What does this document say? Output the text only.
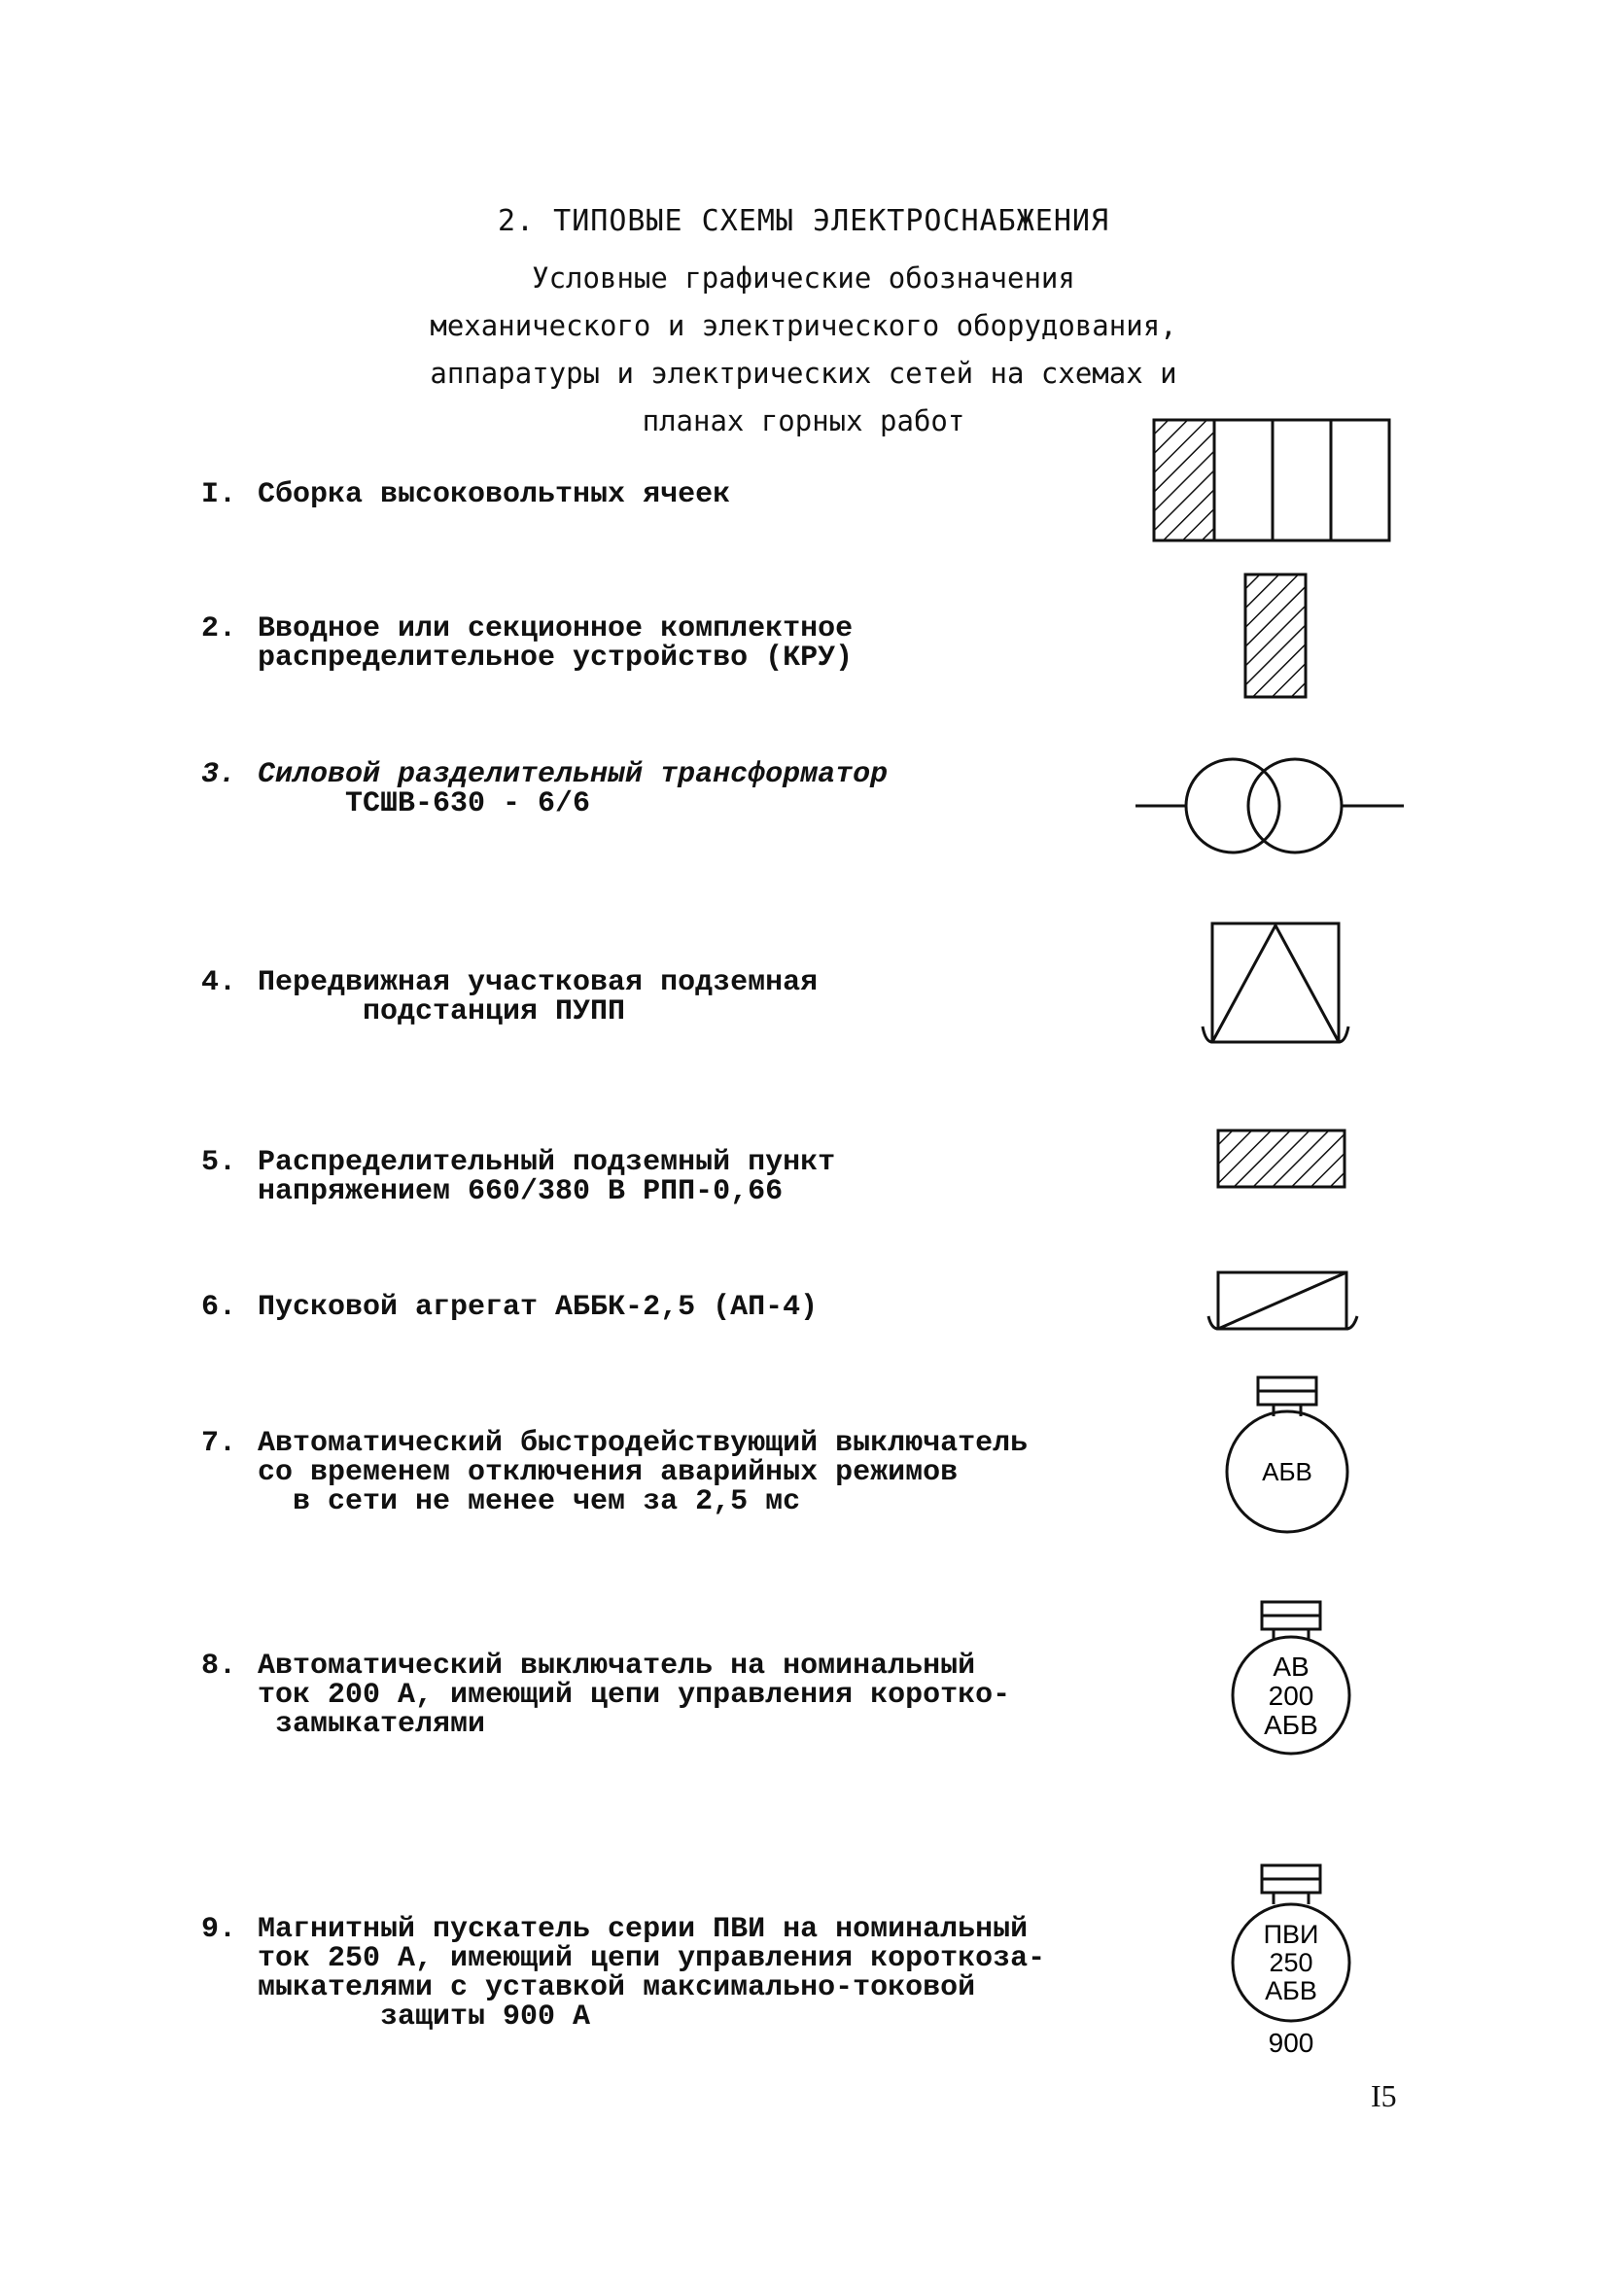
2. ТИПОВЫЕ СХЕМЫ ЭЛЕКТРОСНАБЖЕНИЯ
Условные графические обозначения
механического и электрического оборудования,
аппаратуры и электрических сетей на схемах и
планах горных работ
I. Сборка высоковольтных ячеек
2. Вводное или секционное комплектное
распределительное устройство (КРУ)
3. Силовой разделительный трансформатор
ТСШВ-630 - 6/6
4. Передвижная участковая подземная
подстанция ПУПП
5. Распределительный подземный пункт
напряжением 660/380 В РПП-0,66
6. Пусковой агрегат АББК-2,5 (АП-4)
7. Автоматический быстродействующий выключатель
со временем отключения аварийных режимов
в сети не менее чем за 2,5 мс
8. Автоматический выключатель на номинальный
ток 200 А, имеющий цепи управления коротко-
замыкателями
9. Магнитный пускатель серии ПВИ на номинальный
ток 250 А, имеющий цепи управления короткоза-
мыкателями с уставкой максимально-токовой
защиты 900 А
АБВ
АВ
200
АБВ
ПВИ
250
АБВ
900
I5
